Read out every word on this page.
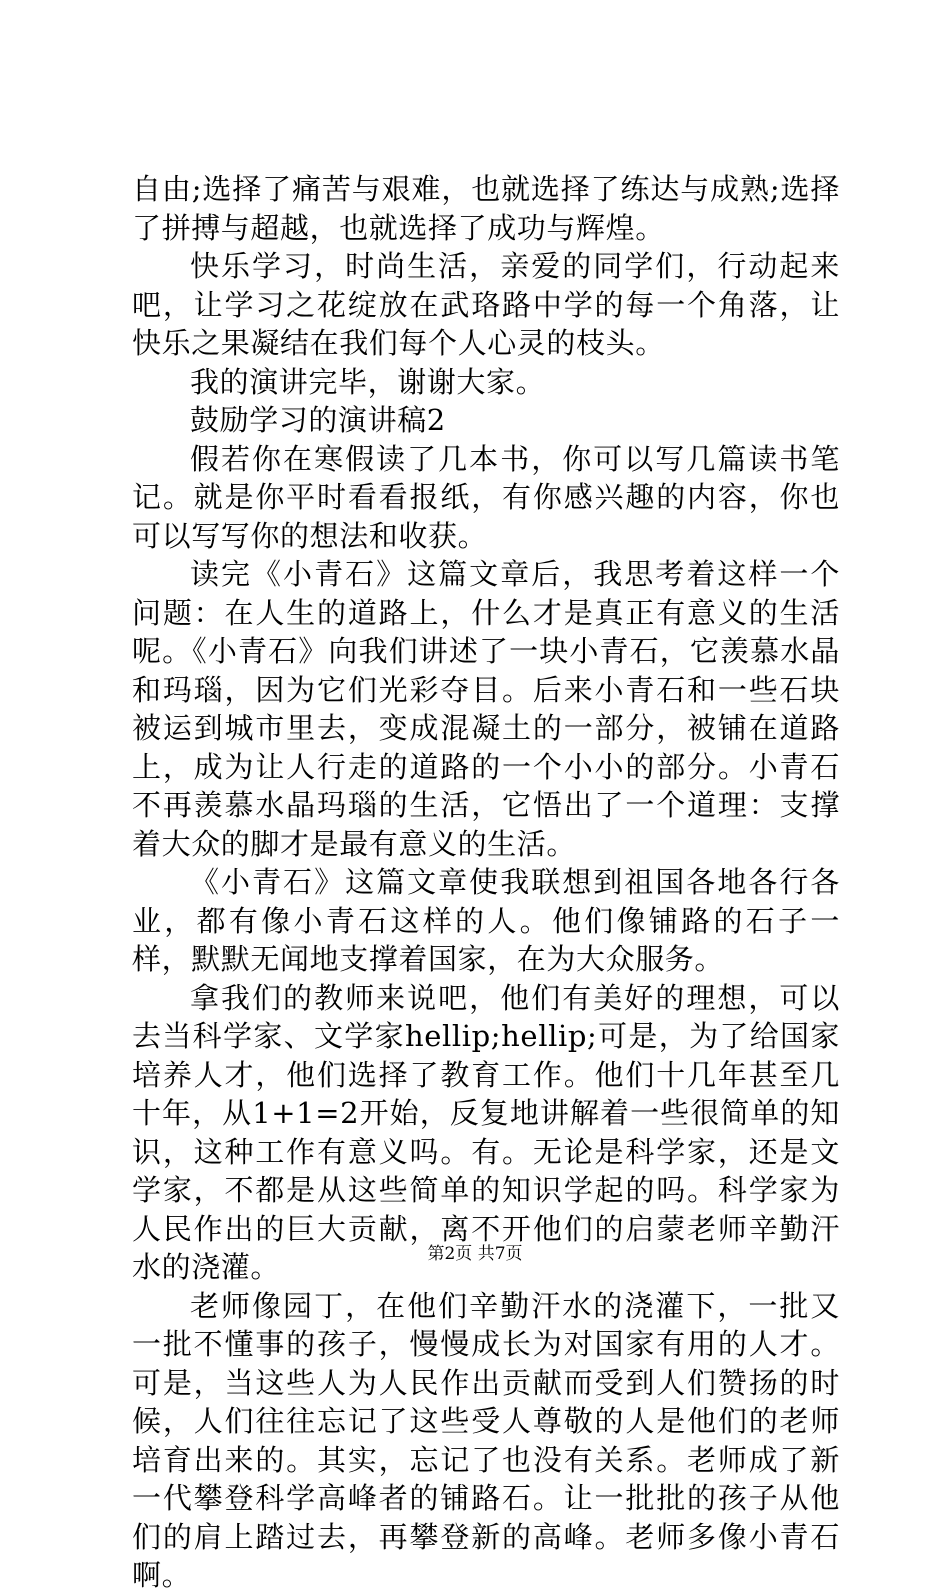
自由;选择了痛苦与艰难，也就选择了练达与成熟;选择了拼搏与超越，也就选择了成功与辉煌。

快乐学习，时尚生活，亲爱的同学们，行动起来吧，让学习之花绽放在武珞路中学的每一个角落，让快乐之果凝结在我们每个人心灵的枝头。

我的演讲完毕，谢谢大家。

鼓励学习的演讲稿2

假若你在寒假读了几本书，你可以写几篇读书笔记。就是你平时看看报纸，有你感兴趣的内容，你也可以写写你的想法和收获。

读完《小青石》这篇文章后，我思考着这样一个问题：在人生的道路上，什么才是真正有意义的生活呢。《小青石》向我们讲述了一块小青石，它羡慕水晶和玛瑙，因为它们光彩夺目。后来小青石和一些石块被运到城市里去，变成混凝土的一部分，被铺在道路上，成为让人行走的道路的一个小小的部分。小青石不再羡慕水晶玛瑙的生活，它悟出了一个道理：支撑着大众的脚才是最有意义的生活。

《小青石》这篇文章使我联想到祖国各地各行各业，都有像小青石这样的人。他们像铺路的石子一样，默默无闻地支撑着国家，在为大众服务。

拿我们的教师来说吧，他们有美好的理想，可以去当科学家、文学家hellip;hellip;可是，为了给国家培养人才，他们选择了教育工作。他们十几年甚至几十年，从1+1=2开始，反复地讲解着一些很简单的知识，这种工作有意义吗。有。无论是科学家，还是文学家，不都是从这些简单的知识学起的吗。科学家为人民作出的巨大贡献，离不开他们的启蒙老师辛勤汗水的浇灌。

老师像园丁，在他们辛勤汗水的浇灌下，一批又一批不懂事的孩子，慢慢成长为对国家有用的人才。可是，当这些人为人民作出贡献而受到人们赞扬的时候，人们往往忘记了这些受人尊敬的人是他们的老师培育出来的。其实，忘记了也没有关系。老师成了新一代攀登科学高峰者的铺路石。让一批批的孩子从他们的肩上踏过去，再攀登新的高峰。老师多像小青石啊。

第2页 共7页
